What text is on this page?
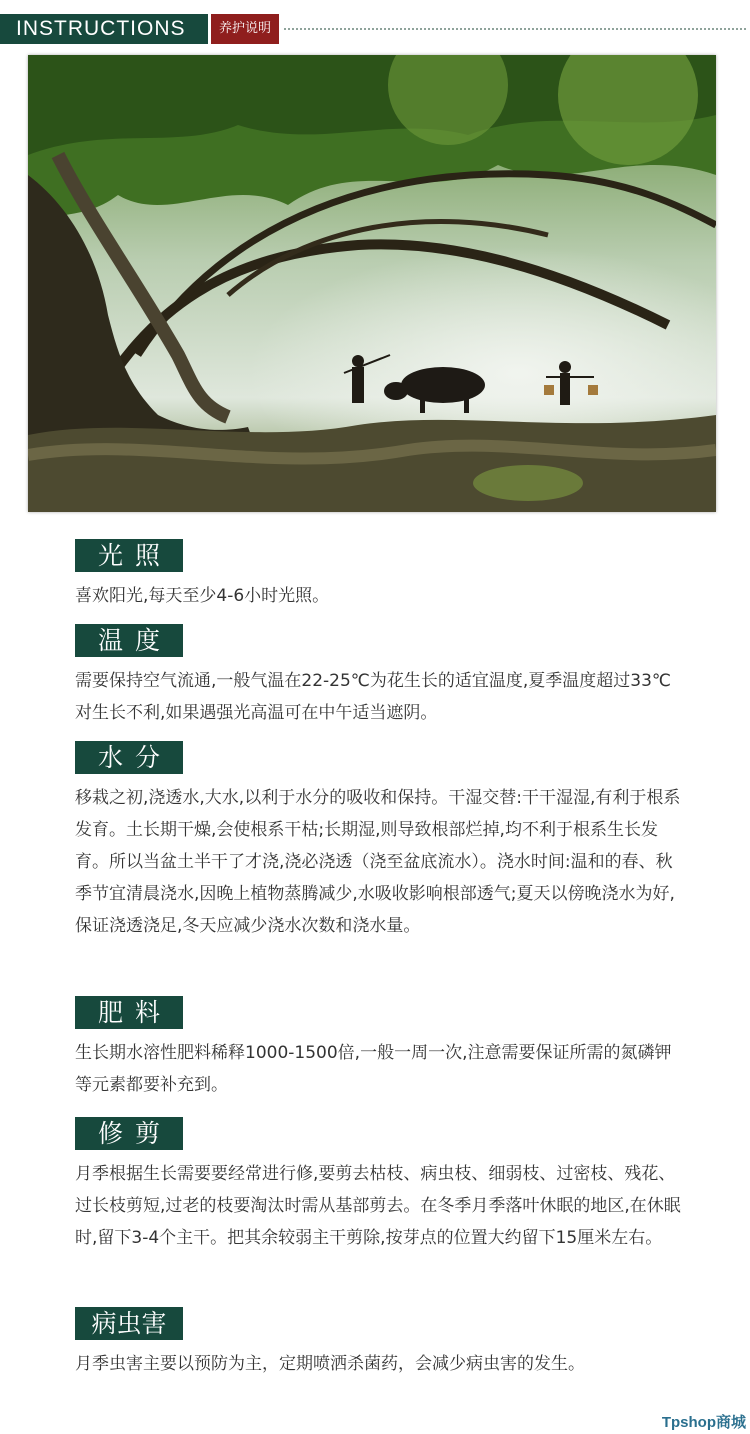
INSTRUCTIONS	养护说明
光照

喜欢阳光,每天至少4-6小时光照。

温度

需要保持空气流通,一般气温在22-25℃为花生长的适宜温度,夏季温度超过33℃对生长不利,如果遇强光高温可在中午适当遮阴。

水分

移栽之初,浇透水,大水,以利于水分的吸收和保持。干湿交替:干干湿湿,有利于根系发育。土长期干燥,会使根系干枯;长期湿,则导致根部烂掉,均不利于根系生长发育。所以当盆土半干了才浇,浇必浇透（浇至盆底流水）。浇水时间:温和的春、秋季节宜清晨浇水,因晚上植物蒸腾减少,水吸收影响根部透气;夏天以傍晚浇水为好,保证浇透浇足,冬天应减少浇水次数和浇水量。

肥料

生长期水溶性肥料稀释1000-1500倍,一般一周一次,注意需要保证所需的氮磷钾等元素都要补充到。

修剪

月季根据生长需要要经常进行修,要剪去枯枝、病虫枝、细弱枝、过密枝、残花、过长枝剪短,过老的枝要淘汰时需从基部剪去。在冬季月季落叶休眠的地区,在休眠时,留下3-4个主干。把其余较弱主干剪除,按芽点的位置大约留下15厘米左右。

病虫害

月季虫害主要以预防为主，定期喷洒杀菌药，会减少病虫害的发生。

Tpshop商城
